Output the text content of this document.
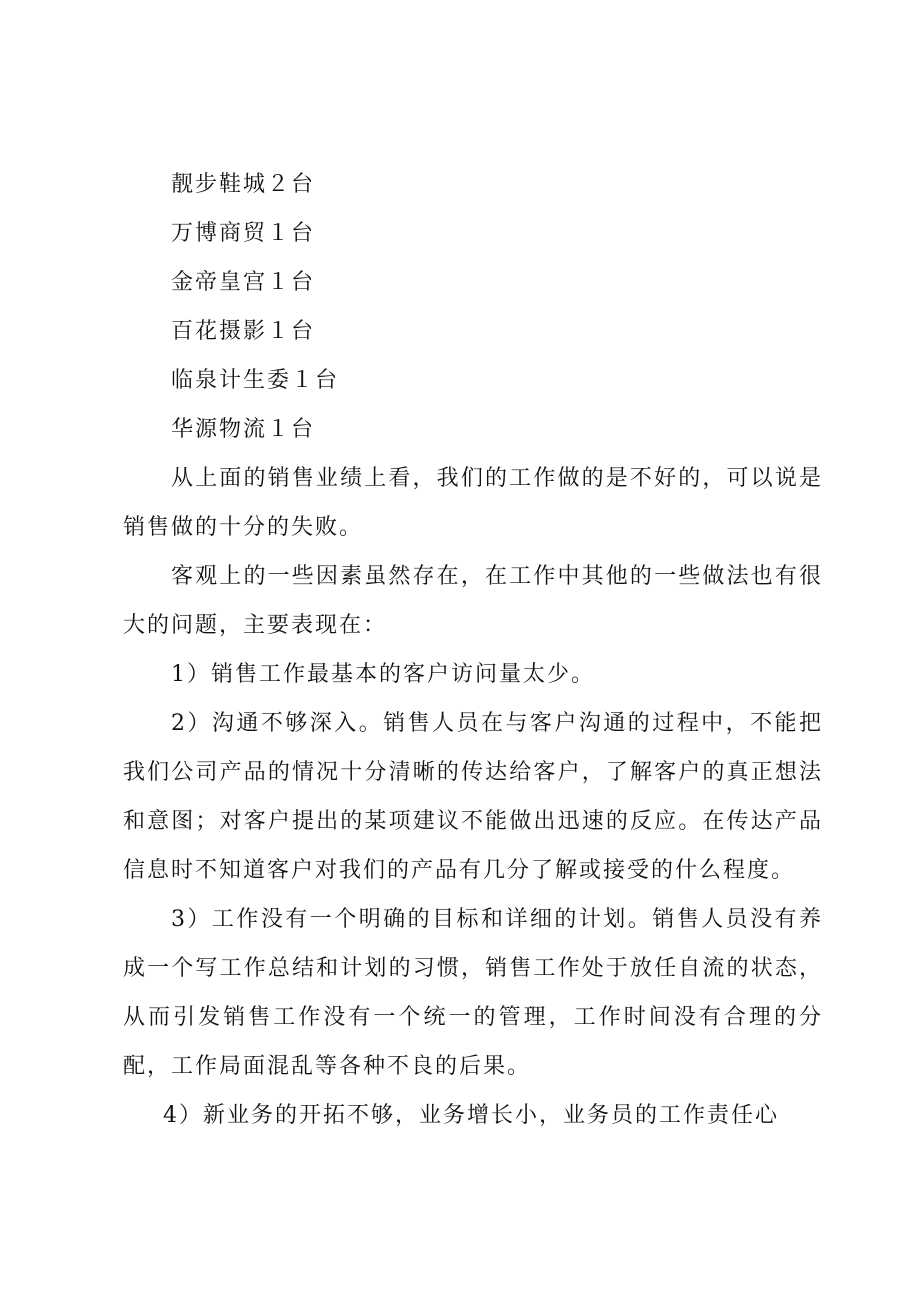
靓步鞋城２台
万博商贸１台
金帝皇宫１台
百花摄影１台
临泉计生委１台
华源物流１台

从上面的销售业绩上看，我们的工作做的是不好的，可以说是销售做的十分的失败。

客观上的一些因素虽然存在，在工作中其他的一些做法也有很大的问题，主要表现在：

1）销售工作最基本的客户访问量太少。

2）沟通不够深入。销售人员在与客户沟通的过程中，不能把我们公司产品的情况十分清晰的传达给客户，了解客户的真正想法和意图；对客户提出的某项建议不能做出迅速的反应。在传达产品信息时不知道客户对我们的产品有几分了解或接受的什么程度。

3）工作没有一个明确的目标和详细的计划。销售人员没有养成一个写工作总结和计划的习惯，销售工作处于放任自流的状态，从而引发销售工作没有一个统一的管理，工作时间没有合理的分配，工作局面混乱等各种不良的后果。

4）新业务的开拓不够，业务增长小，业务员的工作责任心
